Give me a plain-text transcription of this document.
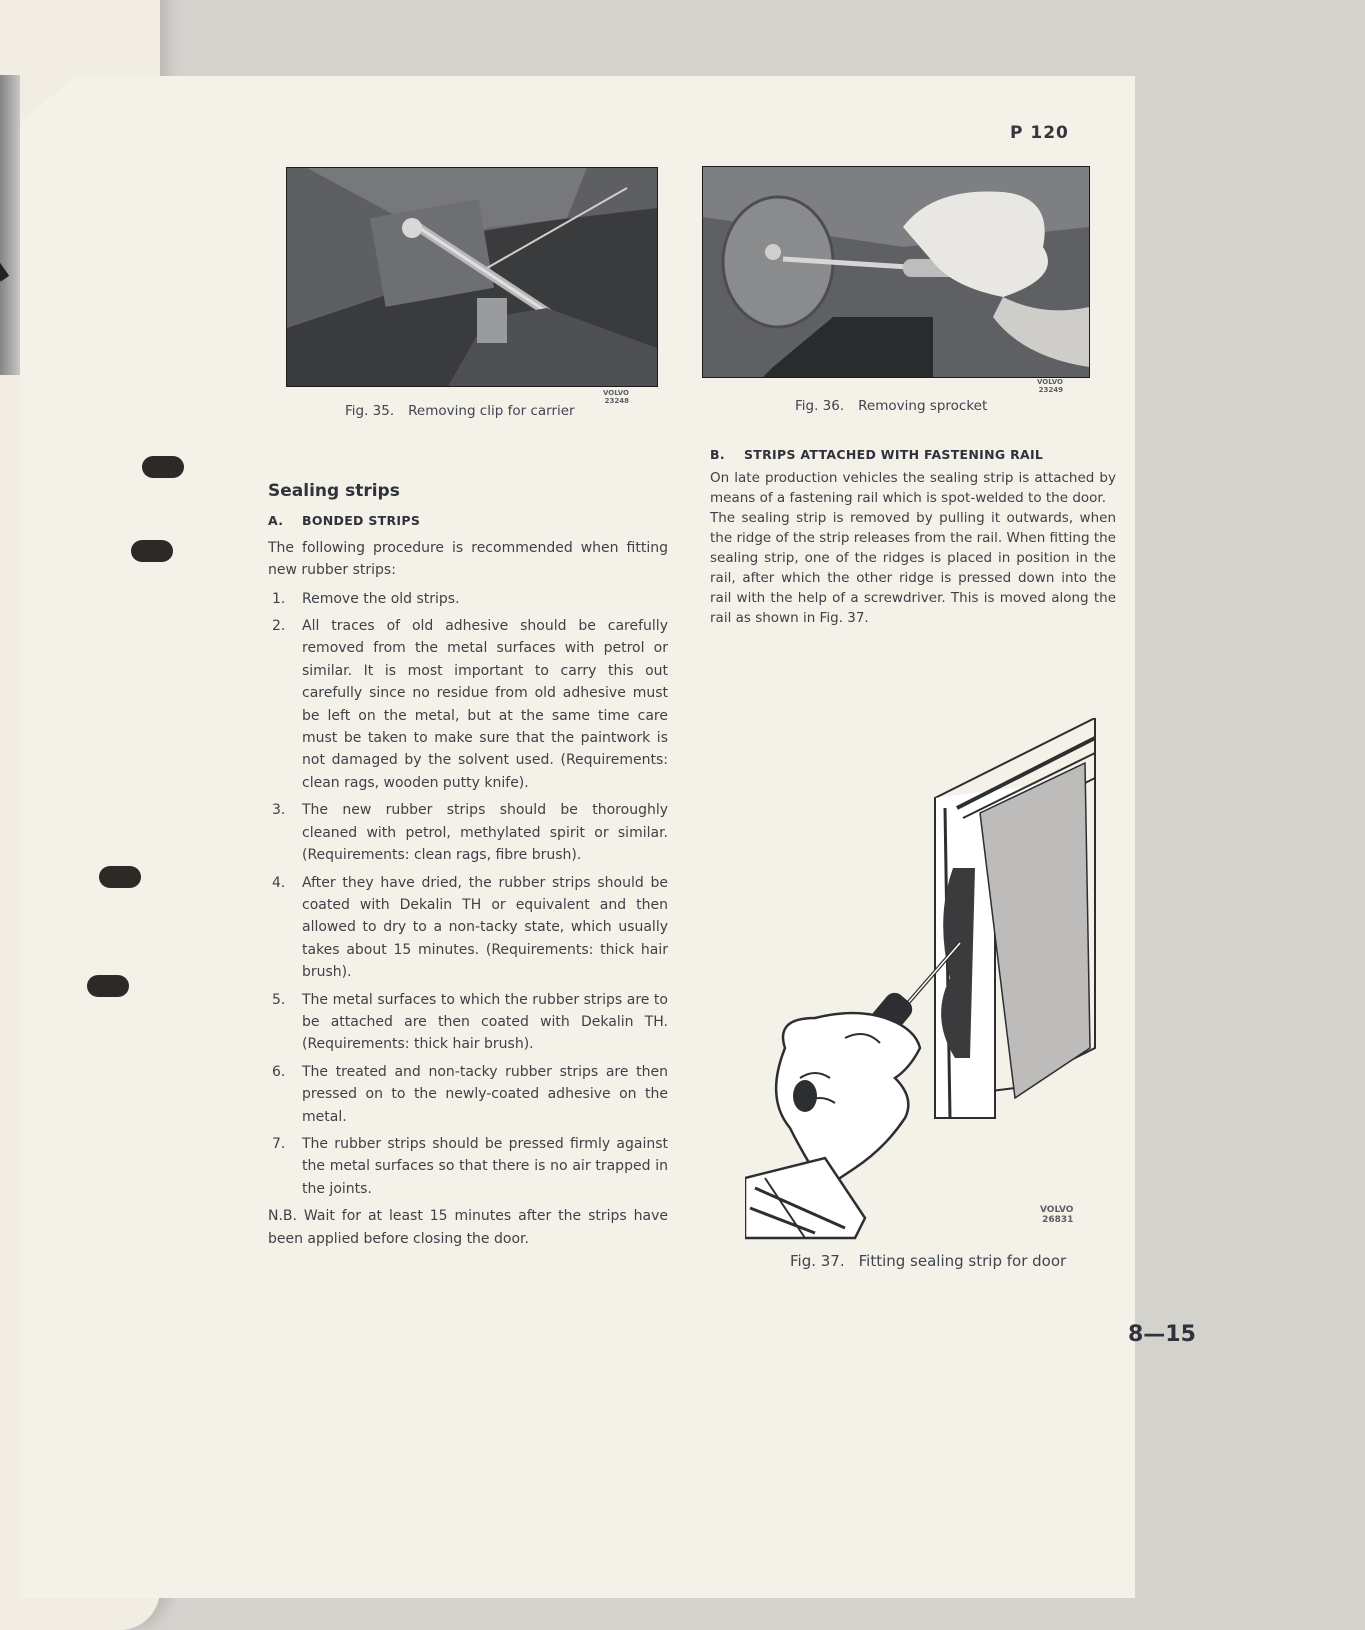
P 120
VOLVO
23248
Fig. 35. Removing clip for carrier
VOLVO
23249
Fig. 36. Removing sprocket
Sealing strips
A. BONDED STRIPS

The following procedure is recommended when fitting new rubber strips:

1. Remove the old strips.
2. All traces of old adhesive should be carefully removed from the metal surfaces with petrol or similar. It is most important to carry this out carefully since no residue from old adhesive must be left on the metal, but at the same time care must be taken to make sure that the paintwork is not damaged by the solvent used. (Requirements: clean rags, wooden putty knife).
3. The new rubber strips should be thoroughly cleaned with petrol, methylated spirit or similar. (Requirements: clean rags, fibre brush).
4. After they have dried, the rubber strips should be coated with Dekalin TH or equivalent and then allowed to dry to a non-tacky state, which usually takes about 15 minutes. (Requirements: thick hair brush).
5. The metal surfaces to which the rubber strips are to be attached are then coated with Dekalin TH. (Requirements: thick hair brush).
6. The treated and non-tacky rubber strips are then pressed on to the newly-coated adhesive on the metal.
7. The rubber strips should be pressed firmly against the metal surfaces so that there is no air trapped in the joints.

N.B. Wait for at least 15 minutes after the strips have been applied before closing the door.

B. STRIPS ATTACHED WITH FASTENING RAIL

On late production vehicles the sealing strip is attached by means of a fastening rail which is spot-welded to the door.

The sealing strip is removed by pulling it outwards, when the ridge of the strip releases from the rail. When fitting the sealing strip, one of the ridges is placed in position in the rail, after which the other ridge is pressed down into the rail with the help of a screwdriver. This is moved along the rail as shown in Fig. 37.

VOLVO
26831
Fig. 37. Fitting sealing strip for door
8—15
